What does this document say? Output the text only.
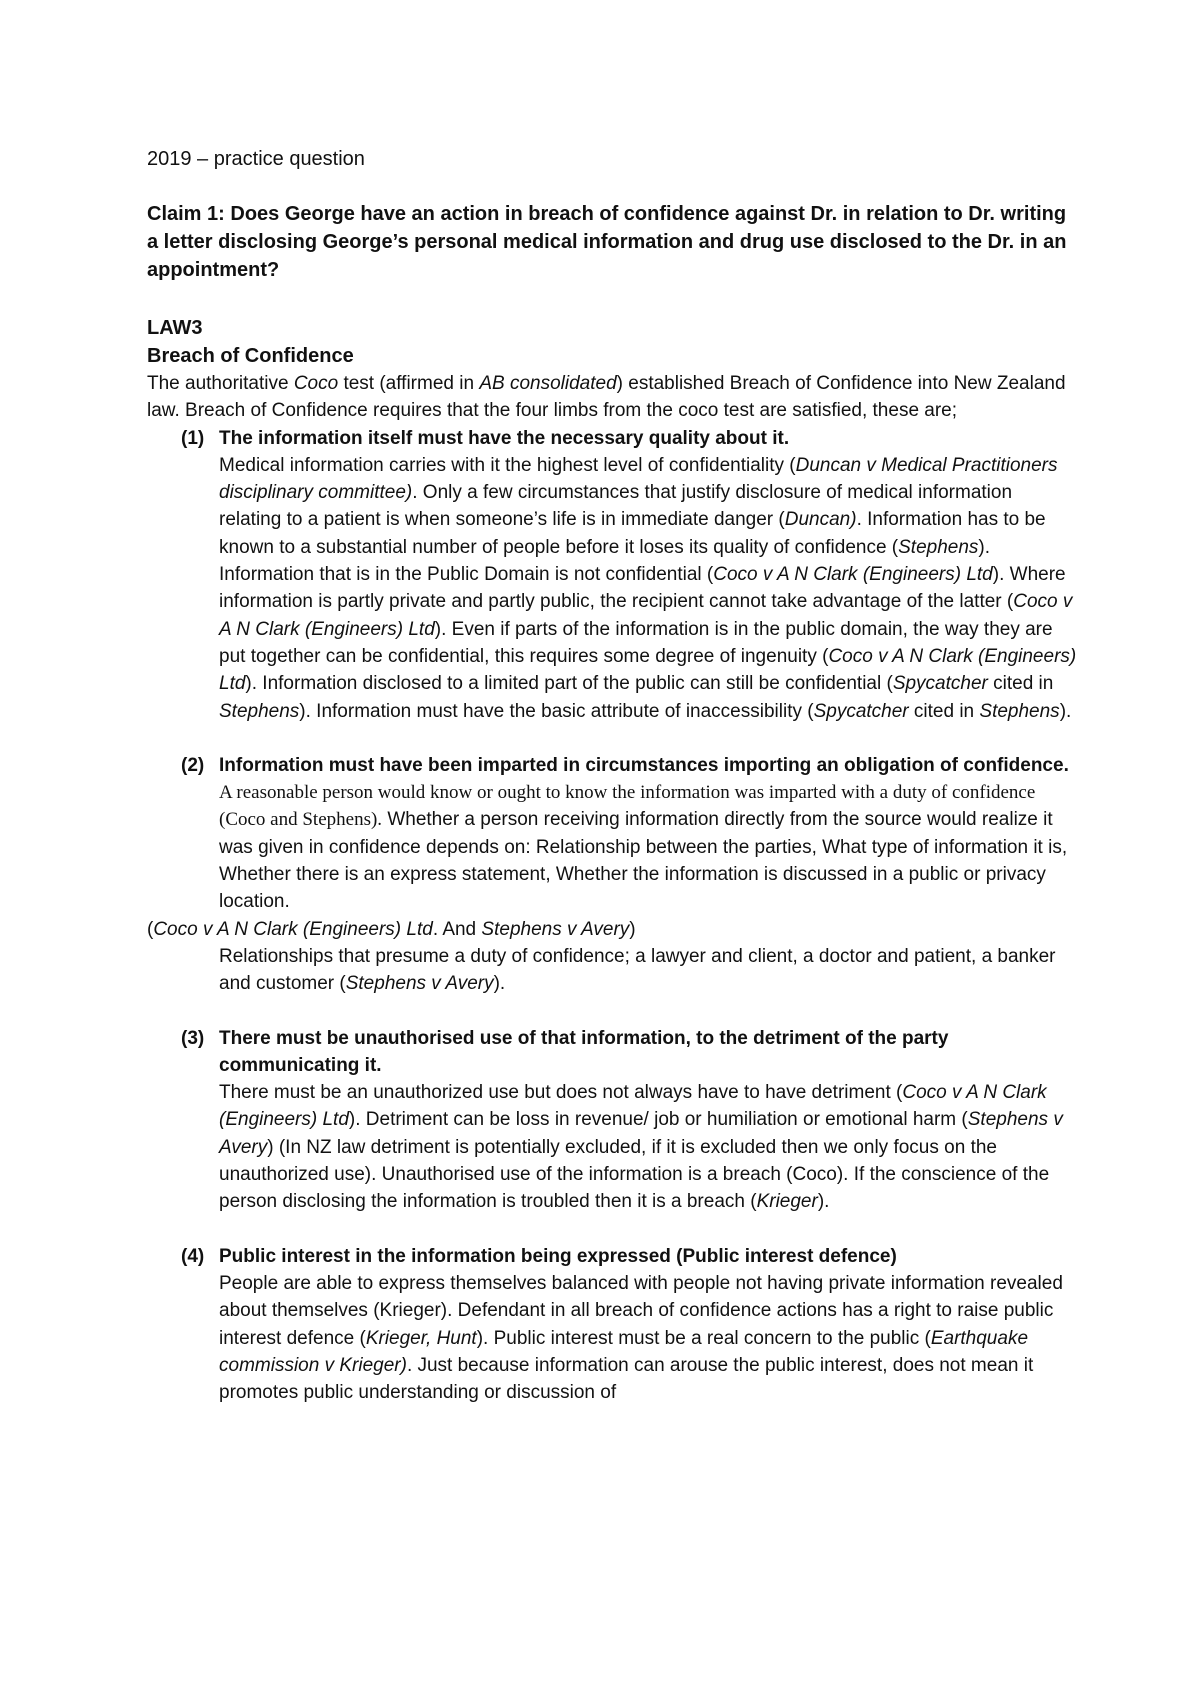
2019 – practice question

Claim 1: Does George have an action in breach of confidence against Dr. in relation to Dr. writing a letter disclosing George’s personal medical information and drug use disclosed to the Dr. in an appointment?

LAW3
Breach of Confidence

The authoritative Coco test (affirmed in AB consolidated) established Breach of Confidence into New Zealand law. Breach of Confidence requires that the four limbs from the coco test are satisfied, these are;

(1) The information itself must have the necessary quality about it.

Medical information carries with it the highest level of confidentiality (Duncan v Medical Practitioners disciplinary committee). Only a few circumstances that justify disclosure of medical information relating to a patient is when someone’s life is in immediate danger (Duncan). Information has to be known to a substantial number of people before it loses its quality of confidence (Stephens). Information that is in the Public Domain is not confidential (Coco v A N Clark (Engineers) Ltd). Where information is partly private and partly public, the recipient cannot take advantage of the latter (Coco v A N Clark (Engineers) Ltd). Even if parts of the information is in the public domain, the way they are put together can be confidential, this requires some degree of ingenuity (Coco v A N Clark (Engineers) Ltd). Information disclosed to a limited part of the public can still be confidential (Spycatcher cited in Stephens). Information must have the basic attribute of inaccessibility (Spycatcher cited in Stephens).

(2) Information must have been imparted in circumstances importing an obligation of confidence.

A reasonable person would know or ought to know the information was imparted with a duty of confidence (Coco and Stephens). Whether a person receiving information directly from the source would realize it was given in confidence depends on: Relationship between the parties, What type of information it is, Whether there is an express statement, Whether the information is discussed in a public or privacy location.

(Coco v A N Clark (Engineers) Ltd. And Stephens v Avery)

Relationships that presume a duty of confidence; a lawyer and client, a doctor and patient, a banker and customer (Stephens v Avery).

(3) There must be unauthorised use of that information, to the detriment of the party communicating it.

There must be an unauthorized use but does not always have to have detriment (Coco v A N Clark (Engineers) Ltd). Detriment can be loss in revenue/ job or humiliation or emotional harm (Stephens v Avery) (In NZ law detriment is potentially excluded, if it is excluded then we only focus on the unauthorized use). Unauthorised use of the information is a breach (Coco). If the conscience of the person disclosing the information is troubled then it is a breach (Krieger).

(4) Public interest in the information being expressed (Public interest defence)

People are able to express themselves balanced with people not having private information revealed about themselves (Krieger). Defendant in all breach of confidence actions has a right to raise public interest defence (Krieger, Hunt). Public interest must be a real concern to the public (Earthquake commission v Krieger). Just because information can arouse the public interest, does not mean it promotes public understanding or discussion of
